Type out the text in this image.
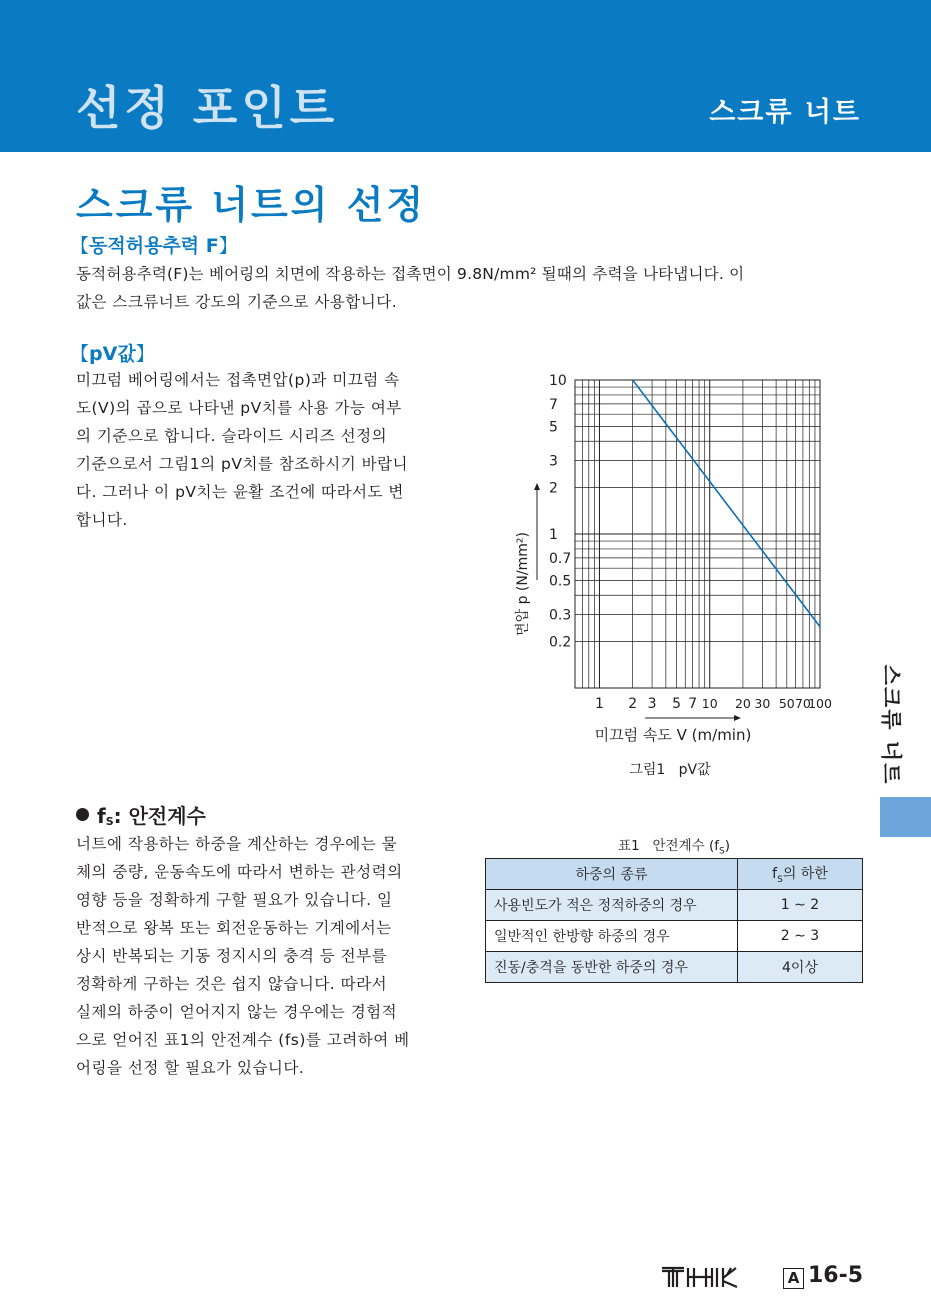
선정 포인트	스크류 너트
스크류 너트의 선정
【동적허용추력 F】
동적허용추력(F)는 베어링의 치면에 작용하는 접촉면이 9.8N/mm² 될때의 추력을 나타냅니다. 이
값은 스크류너트 강도의 기준으로 사용합니다.
【pV값】
미끄럼 베어링에서는 접촉면압(p)과 미끄럼 속
도(V)의 곱으로 나타낸 pV치를 사용 가능 여부
의 기준으로 합니다. 슬라이드 시리즈 선정의
기준으로서 그림1의 pV치를 참조하시기 바랍니
다. 그러나 이 pV치는 윤활 조건에 따라서도 변
합니다.
10
7
5
3
2
1
0.7
0.5
0.3
0.2
1 2 3 5 7 10 20 30 50 70
100
면압 p (N/mm²)
미끄럼 속도 V (m/min)
그림1   pV값	스크류 너트
$f_S$: 안전계수
너트에 작용하는 하중을 계산하는 경우에는 물
체의 중량, 운동속도에 따라서 변하는 관성력의
영향 등을 정확하게 구할 필요가 있습니다. 일
반적으로 왕복 또는 회전운동하는 기계에서는
상시 반복되는 기동 정지시의 충격 등 전부를
정확하게 구하는 것은 쉽지 않습니다. 따라서
실제의 하중이 얻어지지 않는 경우에는 경험적
으로 얻어진 표1의 안전계수 (fs)를 고려하여 베
어링을 선정 할 필요가 있습니다.
표1   안전계수 $(f_S)$
하중의 종류	$f_S$의 하한
사용빈도가 적은 정적하중의 경우	1 ∼ 2
일반적인 한방향 하중의 경우	2 ∼ 3
진동/충격을 동반한 하중의 경우	4이상
A 16-5
